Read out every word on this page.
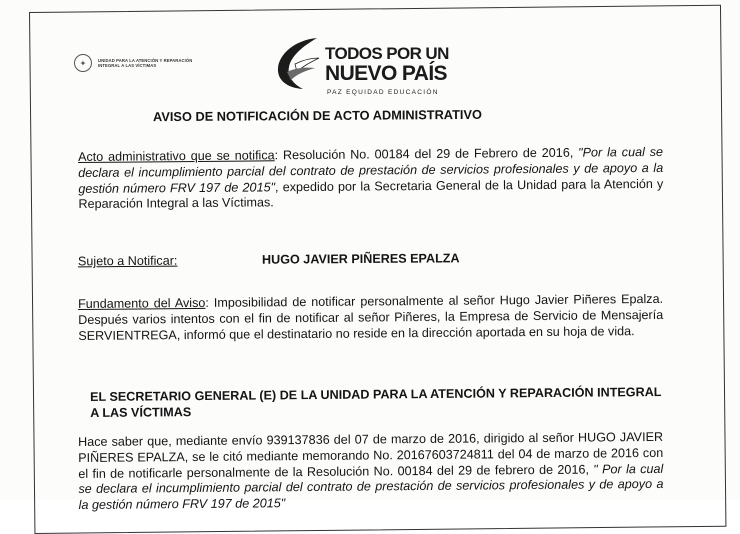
✦	UNIDAD PARA LA ATENCIÓN Y REPARACIÓN INTEGRAL A LAS VÍCTIMAS
TODOS POR UN
NUEVO PAÍS
PAZ EQUIDAD EDUCACIÓN
AVISO DE NOTIFICACIÓN DE ACTO ADMINISTRATIVO
Acto administrativo que se notifica: Resolución No. 00184 del 29 de Febrero de 2016, "Por la cual se declara el incumplimiento parcial del contrato de prestación de servicios profesionales y de apoyo a la gestión número FRV 197 de 2015", expedido por la Secretaria General de la Unidad para la Atención y Reparación Integral a las Víctimas.
Sujeto a Notificar:	HUGO JAVIER PIÑERES EPALZA
Fundamento del Aviso: Imposibilidad de notificar personalmente al señor Hugo Javier Piñeres Epalza. Después varios intentos con el fin de notificar al señor Piñeres, la Empresa de Servicio de Mensajería SERVIENTREGA, informó que el destinatario no reside en la dirección aportada en su hoja de vida.
EL SECRETARIO GENERAL (E) DE LA UNIDAD PARA LA ATENCIÓN Y REPARACIÓN INTEGRAL A LAS VÍCTIMAS
Hace saber que, mediante envío 939137836 del 07 de marzo de 2016, dirigido al señor HUGO JAVIER PIÑERES EPALZA, se le citó mediante memorando No. 20167603724811 del 04 de marzo de 2016 con el fin de notificarle personalmente de la Resolución No. 00184 del 29 de febrero de 2016, " Por la cual se declara el incumplimiento parcial del contrato de prestación de servicios profesionales y de apoyo a la gestión número FRV 197 de 2015"
